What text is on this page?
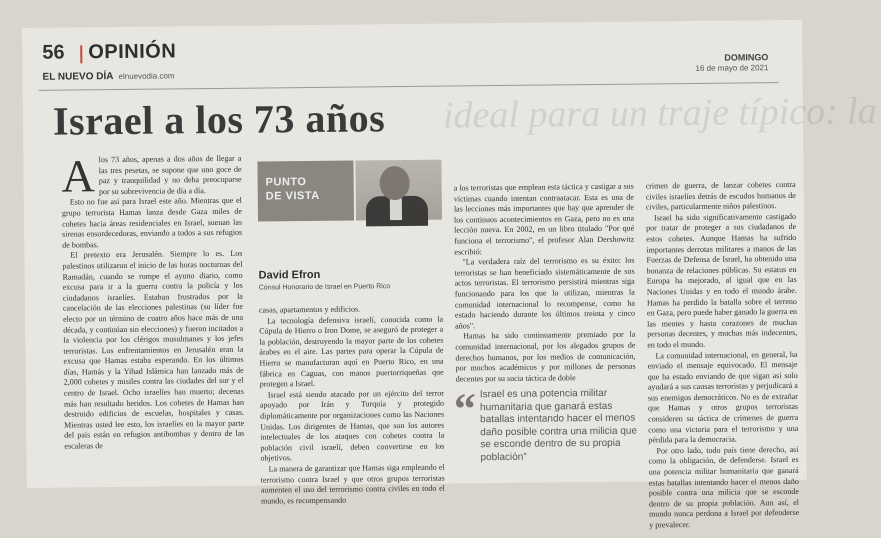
56 OPINIÓN
EL NUEVO DÍA elnuevodia.com
DOMINGO
16 de mayo de 2021
Israel a los 73 años ideal para un traje típico: la

Alos 73 años, apenas a dos años de llegar a las tres pesetas, se supone que uno goce de paz y tranquilidad y no deba preocuparse por su sobrevivencia de día a día.

Esto no fue así para Israel este año. Mientras que el grupo terrorista Hamas lanza desde Gaza miles de cohetes hacia áreas residenciales en Israel, suenan las sirenas ensordecedoras, enviando a todos a sus refugios de bombas.

El pretexto era Jerusalén. Siempre lo es. Los palestinos utilizaron el inicio de las horas nocturnas del Ramadán, cuando se rompe el ayuno diario, como excusa para ir a la guerra contra la policía y los ciudadanos israelíes. Estaban frustrados por la cancelación de las elecciones palestinas (su líder fue electo por un término de cuatro años hace más de una década, y continúan sin elecciones) y fueron incitados a la violencia por los clérigos musulmanes y los jefes terroristas. Los enfrentamientos en Jerusalén eran la excusa que Hamas estaba esperando. En los últimos días, Hamás y la Yihad Islámica han lanzado más de 2,000 cohetes y misiles contra las ciudades del sur y el centro de Israel. Ocho israelíes han muerto; decenas más han resultado heridos. Los cohetes de Hamas han destruido edificios de escuelas, hospitales y casas. Mientras usted lee esto, los israelíes en la mayor parte del país están en refugios antibombas y dentro de las escaleras de

PUNTO
DE VISTA
David Efron
Cónsul Honorario de Israel en Puerto Rico

casas, apartamentos y edificios.

La tecnología defensiva israelí, conocida como la Cúpula de Hierro o Iron Dome, se aseguró de proteger a la población, destruyendo la mayor parte de los cohetes árabes en el aire. Las partes para operar la Cúpula de Hierro se manufacturan aquí en Puerto Rico, en una fábrica en Caguas, con manos puertorriqueñas que protegen a Israel.

Israel está siendo atacado por un ejército del terror apoyado por Irán y Turquía y protegido diplomáticamente por organizaciones como las Naciones Unidas. Los dirigentes de Hamas, que son los autores intelectuales de los ataques con cohetes contra la población civil israelí, deben convertirse en los objetivos.

La manera de garantizar que Hamas siga empleando el terrorismo contra Israel y que otros grupos terroristas aumenten el uso del terrorismo contra civiles en todo el mundo, es recompensando

a los terroristas que emplean esta táctica y castigar a sus víctimas cuando intentan contraatacar. Esta es una de las lecciones más importantes que hay que aprender de los continuos acontecimientos en Gaza, pero no es una lección nueva. En 2002, en un libro titulado "Por qué funciona el terrorismo", el profesor Alan Dershowitz escribió:

"La verdadera raíz del terrorismo es su éxito: los terroristas se han beneficiado sistemáticamente de sus actos terroristas. El terrorismo persistirá mientras siga funcionando para los que lo utilizan, mientras la comunidad internacional lo recompense, como ha estado haciendo durante los últimos treinta y cinco años".

Hamas ha sido continuamente premiado por la comunidad internacional, por los alegados grupos de derechos humanos, por los medios de comunicación, por muchos académicos y por millones de personas decentes por su sucia táctica de doble

“ Israel es una potencia militar humanitaria que ganará estas batallas intentando hacer el menos daño posible contra una milicia que se esconde dentro de su propia población”

crimen de guerra, de lanzar cohetes contra civiles israelíes detrás de escudos humanos de civiles, particularmente niños palestinos.

Israel ha sido significativamente castigado por tratar de proteger a sus ciudadanos de estos cohetes. Aunque Hamas ha sufrido importantes derrotas militares a manos de las Fuerzas de Defensa de Israel, ha obtenido una bonanza de relaciones públicas. Su estatus en Europa ha mejorado, al igual que en las Naciones Unidas y en todo el mundo árabe. Hamas ha perdido la batalla sobre el terreno en Gaza, pero puede haber ganado la guerra en las mentes y hasta corazones de muchas personas decentes, y muchas más indecentes, en todo el mundo.

La comunidad internacional, en general, ha enviado el mensaje equivocado. El mensaje que ha estado enviando de que sigan así solo ayudará a sus causas terroristas y perjudicará a sus enemigos democráticos. No es de extrañar que Hamas y otros grupos terroristas consideren su táctica de crímenes de guerra como una victoria para el terrorismo y una pérdida para la democracia.

Por otro lado, todo país tiene derecho, así como la obligación, de defenderse. Israel es una potencia militar humanitaria que ganará estas batallas intentando hacer el menos daño posible contra una milicia que se esconde dentro de su propia población. Aun así, el mundo nunca perdona a Israel por defenderse y prevalecer.
